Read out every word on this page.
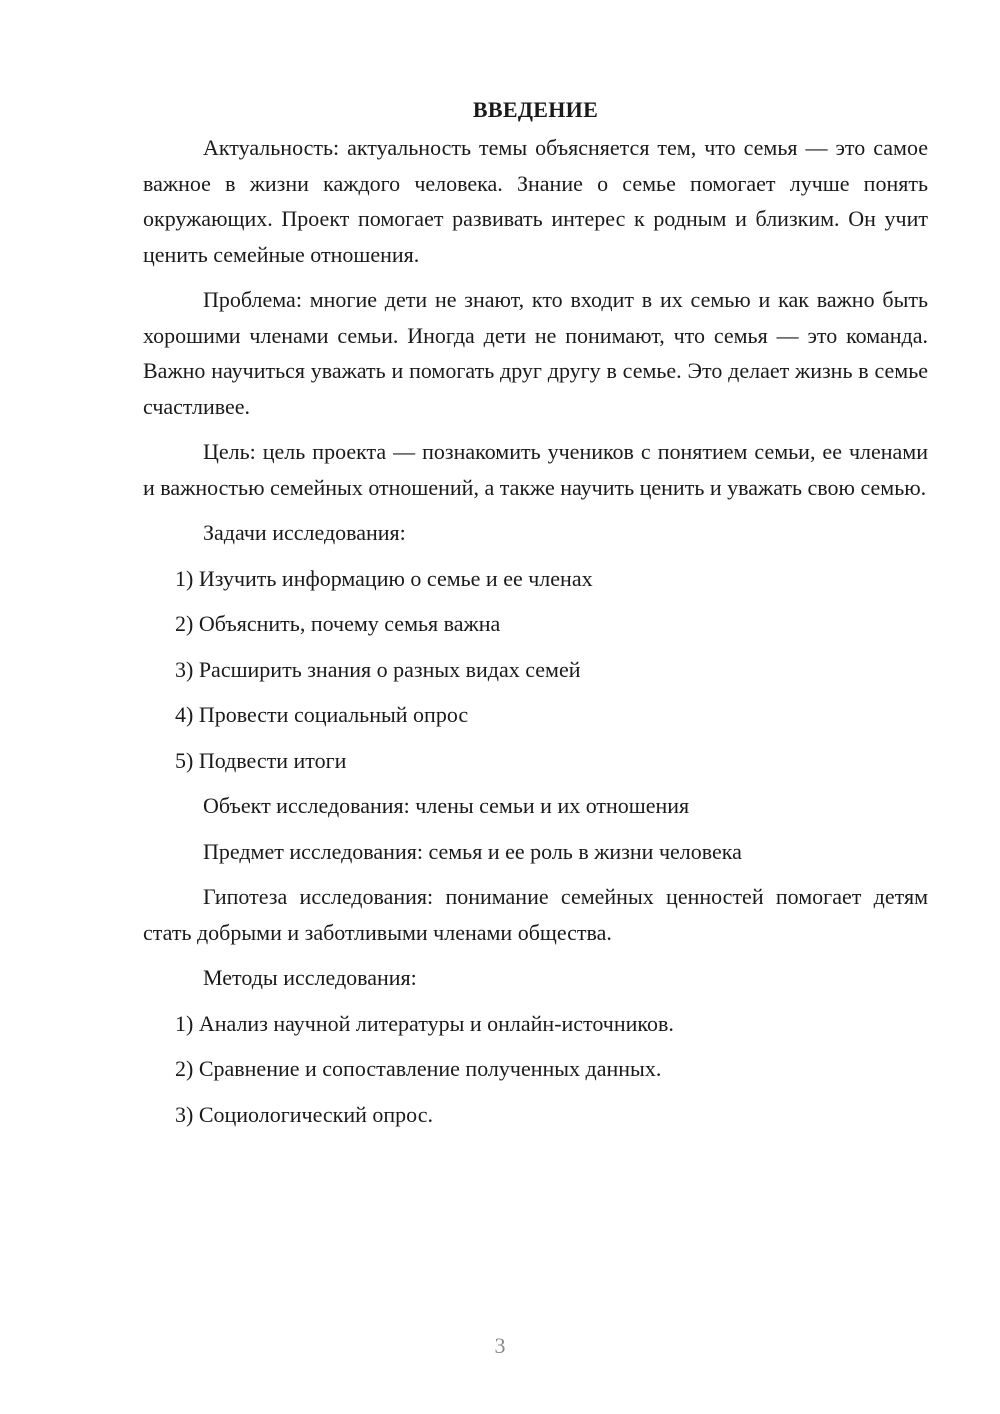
ВВЕДЕНИЕ

Актуальность: актуальность темы объясняется тем, что семья — это самое важное в жизни каждого человека. Знание о семье помогает лучше понять окружающих. Проект помогает развивать интерес к родным и близким. Он учит ценить семейные отношения.

Проблема: многие дети не знают, кто входит в их семью и как важно быть хорошими членами семьи. Иногда дети не понимают, что семья — это команда. Важно научиться уважать и помогать друг другу в семье. Это делает жизнь в семье счастливее.

Цель: цель проекта — познакомить учеников с понятием семьи, ее членами и важностью семейных отношений, а также научить ценить и уважать свою семью.

Задачи исследования:

1) Изучить информацию о семье и ее членах

2) Объяснить, почему семья важна

3) Расширить знания о разных видах семей

4) Провести социальный опрос

5) Подвести итоги

Объект исследования: члены семьи и их отношения

Предмет исследования: семья и ее роль в жизни человека

Гипотеза исследования: понимание семейных ценностей помогает детям стать добрыми и заботливыми членами общества.

Методы исследования:

1) Анализ научной литературы и онлайн-источников.

2) Сравнение и сопоставление полученных данных.

3) Социологический опрос.

3
